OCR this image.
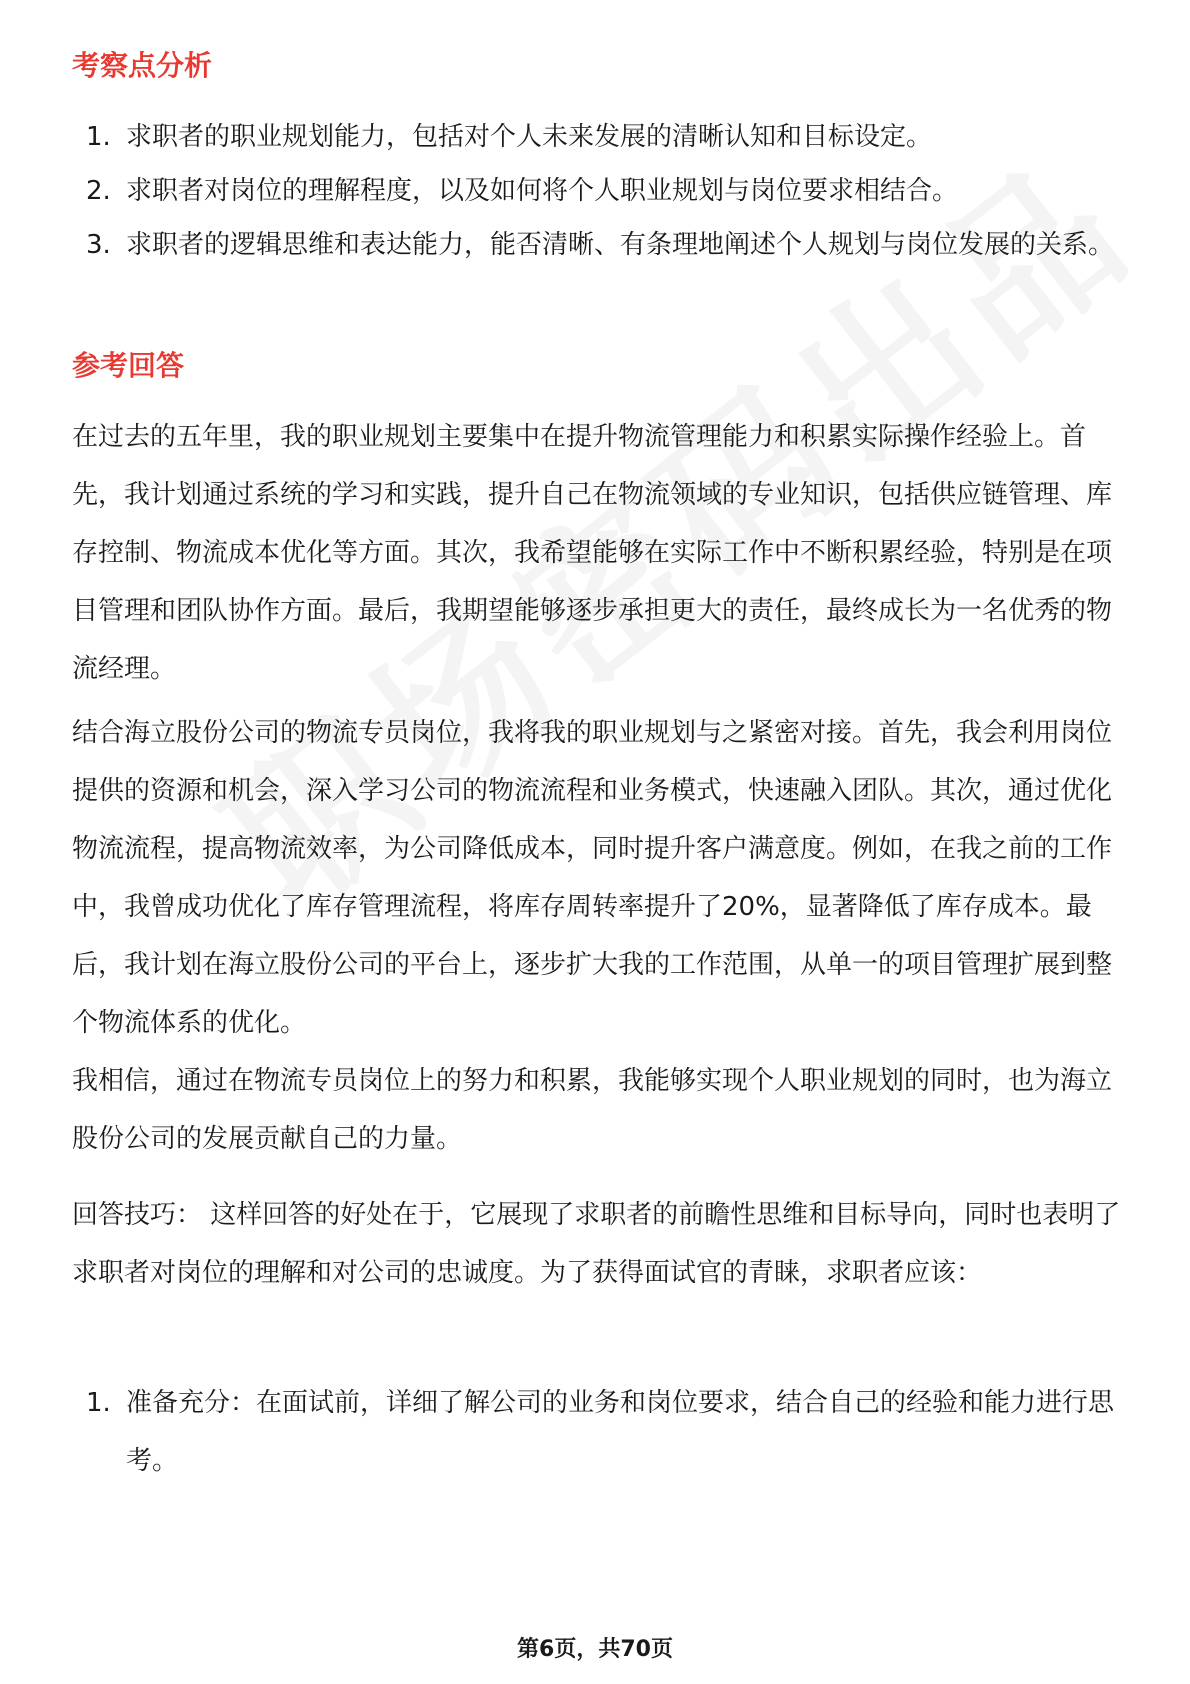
考察点分析
1. 求职者的职业规划能力，包括对个人未来发展的清晰认知和目标设定。
2. 求职者对岗位的理解程度，以及如何将个人职业规划与岗位要求相结合。
3. 求职者的逻辑思维和表达能力，能否清晰、有条理地阐述个人规划与岗位发展的关系。
参考回答

在过去的五年里，我的职业规划主要集中在提升物流管理能力和积累实际操作经验上。首先，我计划通过系统的学习和实践，提升自己在物流领域的专业知识，包括供应链管理、库存控制、物流成本优化等方面。其次，我希望能够在实际工作中不断积累经验，特别是在项目管理和团队协作方面。最后，我期望能够逐步承担更大的责任，最终成长为一名优秀的物流经理。

结合海立股份公司的物流专员岗位，我将我的职业规划与之紧密对接。首先，我会利用岗位提供的资源和机会，深入学习公司的物流流程和业务模式，快速融入团队。其次，通过优化物流流程，提高物流效率，为公司降低成本，同时提升客户满意度。例如，在我之前的工作中，我曾成功优化了库存管理流程，将库存周转率提升了20%，显著降低了库存成本。最后，我计划在海立股份公司的平台上，逐步扩大我的工作范围，从单一的项目管理扩展到整个物流体系的优化。

我相信，通过在物流专员岗位上的努力和积累，我能够实现个人职业规划的同时，也为海立股份公司的发展贡献自己的力量。

回答技巧： 这样回答的好处在于，它展现了求职者的前瞻性思维和目标导向，同时也表明了求职者对岗位的理解和对公司的忠诚度。为了获得面试官的青睐，求职者应该：

1. 准备充分：在面试前，详细了解公司的业务和岗位要求，结合自己的经验和能力进行思考。
第6页，共70页
